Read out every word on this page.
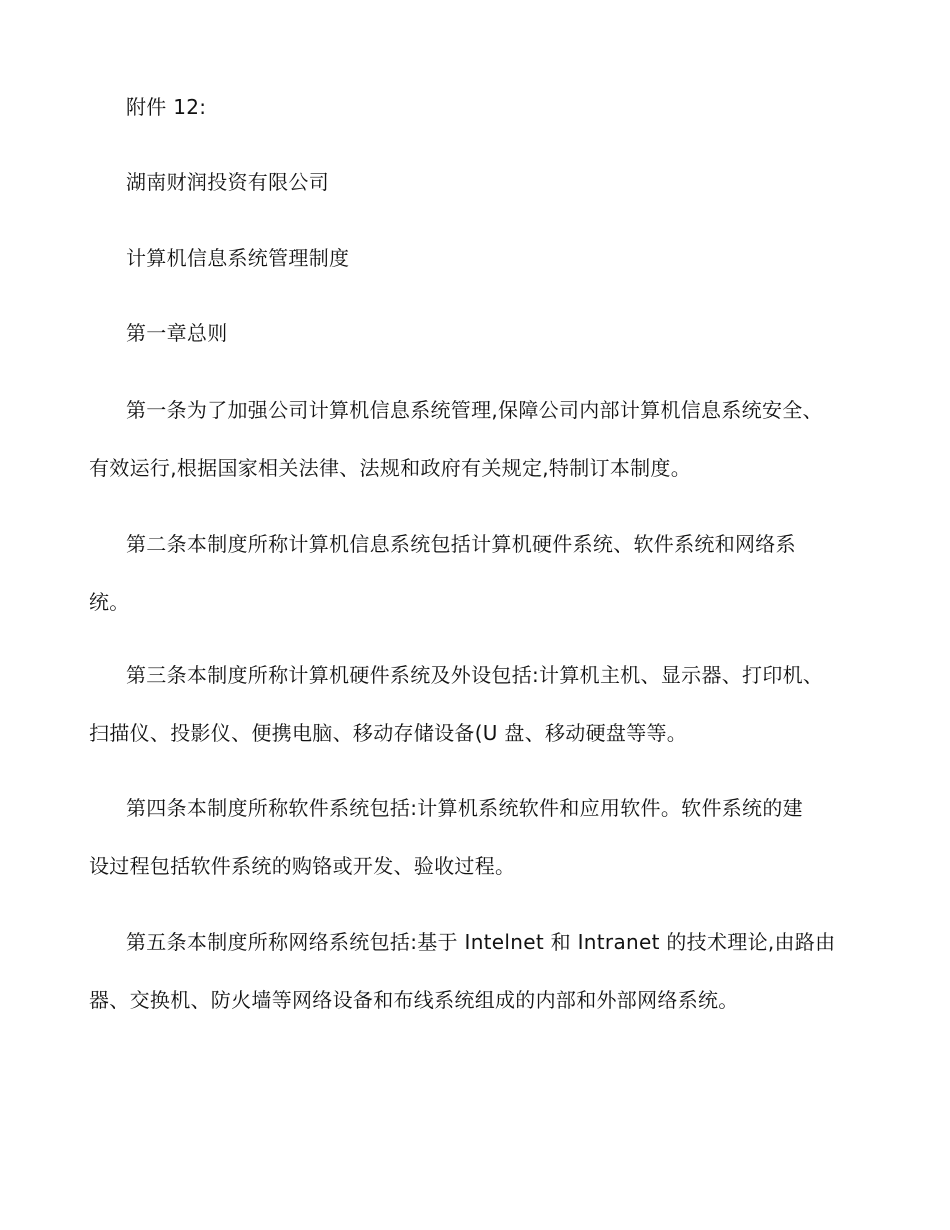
附件 12:
湖南财润投资有限公司
计算机信息系统管理制度
第一章总则
第一条为了加强公司计算机信息系统管理,保障公司内部计算机信息系统安全、
有效运行,根据国家相关法律、法规和政府有关规定,特制订本制度。
第二条本制度所称计算机信息系统包括计算机硬件系统、软件系统和网络系
统。
第三条本制度所称计算机硬件系统及外设包括:计算机主机、显示器、打印机、
扫描仪、投影仪、便携电脑、移动存储设备(U 盘、移动硬盘等等。
第四条本制度所称软件系统包括:计算机系统软件和应用软件。软件系统的建
设过程包括软件系统的购铬或开发、验收过程。
第五条本制度所称网络系统包括:基于 Intelnet 和 Intranet 的技术理论,由路由
器、交换机、防火墙等网络设备和布线系统组成的内部和外部网络系统。
